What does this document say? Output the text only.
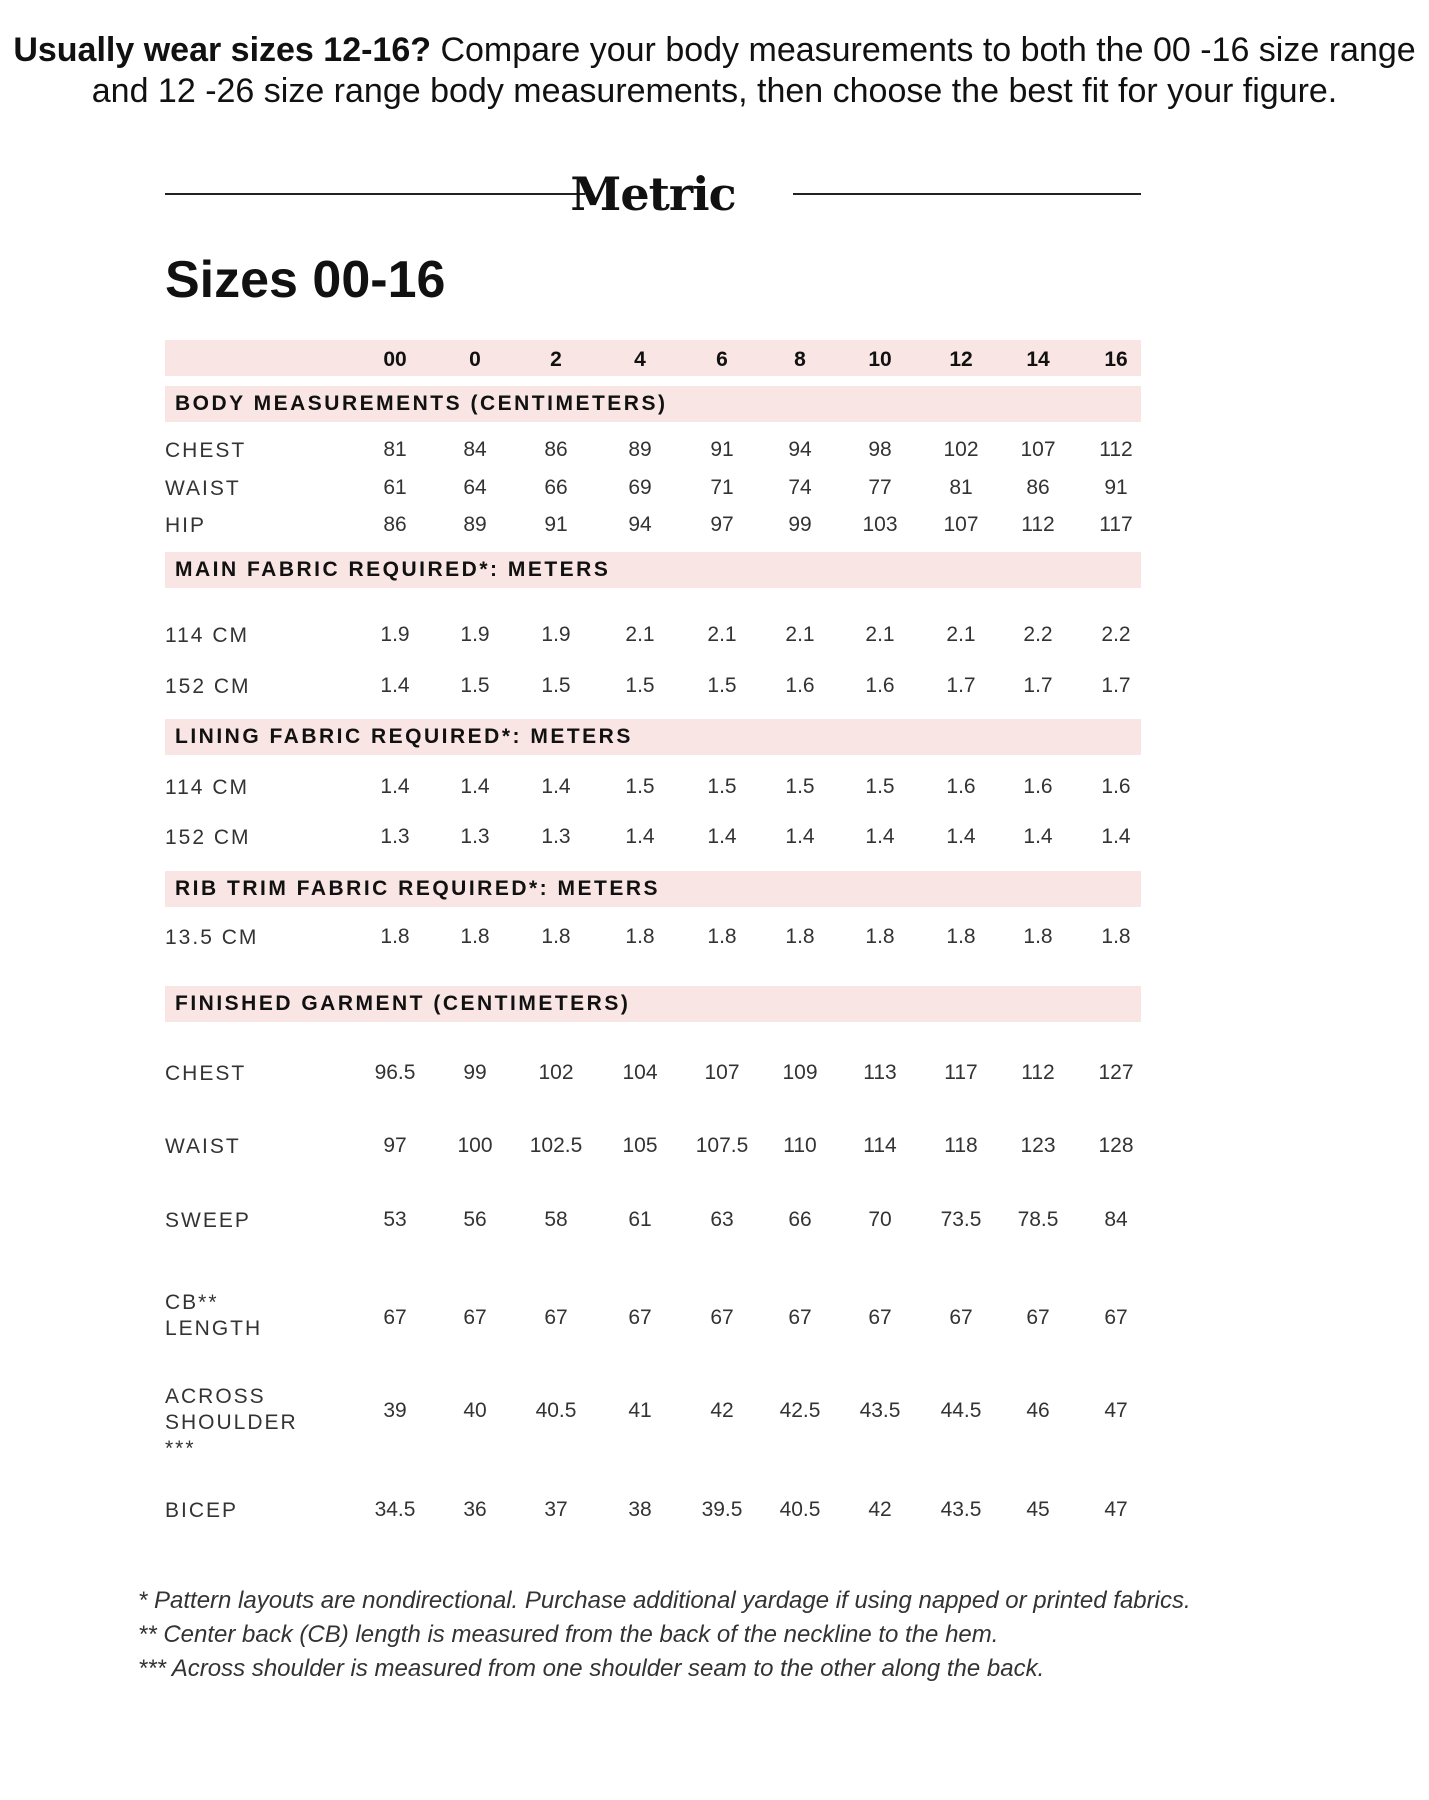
Usually wear sizes 12-16? Compare your body measurements to both the 00 -16 size range and 12 -26 size range body measurements, then choose the best fit for your figure.
Metric
Sizes 00-16
00	0	2	4	6	8	10	12	14	16
BODY MEASUREMENTS (CENTIMETERS)
CHEST	81	84	86	89	91	94	98	102	107	112
WAIST	61	64	66	69	71	74	77	81	86	91
HIP	86	89	91	94	97	99	103	107	112	117
MAIN FABRIC REQUIRED*: METERS
114 CM	1.9	1.9	1.9	2.1	2.1	2.1	2.1	2.1	2.2	2.2
152 CM	1.4	1.5	1.5	1.5	1.5	1.6	1.6	1.7	1.7	1.7
LINING FABRIC REQUIRED*: METERS
114 CM	1.4	1.4	1.4	1.5	1.5	1.5	1.5	1.6	1.6	1.6
152 CM	1.3	1.3	1.3	1.4	1.4	1.4	1.4	1.4	1.4	1.4
RIB TRIM FABRIC REQUIRED*: METERS
13.5 CM	1.8	1.8	1.8	1.8	1.8	1.8	1.8	1.8	1.8	1.8
FINISHED GARMENT (CENTIMETERS)
CHEST	96.5	99	102	104	107	109	113	117	112	127
WAIST	97	100	102.5	105	107.5	110	114	118	123	128
SWEEP	53	56	58	61	63	66	70	73.5	78.5	84
CB**
LENGTH	67	67	67	67	67	67	67	67	67	67
ACROSS
SHOULDER
***
39	40	40.5	41	42	42.5	43.5	44.5	46	47
BICEP	34.5	36	37	38	39.5	40.5	42	43.5	45	47
* Pattern layouts are nondirectional. Purchase additional yardage if using napped or printed fabrics.
** Center back (CB) length is measured from the back of the neckline to the hem.
*** Across shoulder is measured from one shoulder seam to the other along the back.
